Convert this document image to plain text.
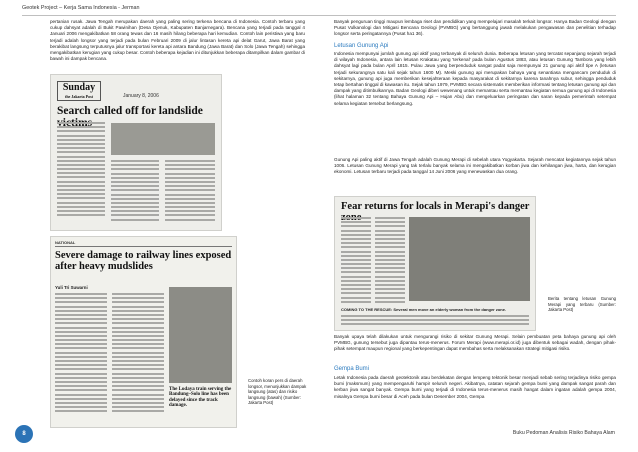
Geotek Project – Kerja Sama Indonesia - Jerman

pertanian rusak. Jawa Tengah merupakan daerah yang paling sering terkena bencana di Indonesia. Contoh terbaru yang cukup dahsyat adalah di Bukit Pawinihan (Desa Ojenuk, Kabupaten Banjarnegara). Bencana yang terjadi pada tanggal 4 Januari 2006 mengakibatkan 58 orang tewas dan 16 masih hilang beberapa hari kemudian. Contoh lain peristiwa yang baru terjadi adalah longsor yang terjadi pada bulan Februari 2009 di jalur lintasan kereta api delat Garut, Jawa Barat yang berakibat langsung terputusnya jalur transportasi kereta api antara Bandung (Jawa Barat) dan Solo (Jawa Tengah) sehingga mengakibatkan kerugian yang cukup besar. Contoh beberapa kejadian ini ditunjukkan beberapa ditampilkan dalam gambar di bawah ini dampak bencana.

Sunday
the Jakarta Post	January 8, 2006
Search called off for landslide
NATIONAL
Severe damage to railway lines exposed after heavy mudslides
Yuli Tri Suwarni
The Lodaya train serving the Bandung–Solo line has been delayed since the track damage.
Contoh koran pers di daerah longsor, menunjukkan dampak langsung (atas) dan risiko langsung (bawah) (Sumber: Jakarta Post)

Banyak penguruan tinggi maupun lembaga riset dan pendidikan yang mempelajari masalah terkait longsor. Hanya Badan Geologi dengan Pusat Vulkanologi dan Mitigasi Bencana Geologi (PVMBG) yang bertanggung jawab melakukan pengawasan dan penelitian terhadap longsor serta peringatannya (Pusat ha1 36).

Letusan Gunung Api

Indonesia mempunyai jumlah gunung api aktif yang terbanyak di seluruh dunia. Beberapa letusan yang tercatat sepanjang sejarah terjadi di wilayah Indonesia, antara lain letusan Krakatau yang 'terkenal' pada bulan Agustus 1883, atau letusan Gunung Tambora yang lebih dahsyat lagi pada bulan April 1815. Pulau Jawa yang berpenduduk sangat padat saja mempunyai 21 gunung api aktif tipe A (letusan terjadi sekurangnya satu kali sejak tahun 1600 M). Meski gunung api merupakan bahaya yang senantiasa mengancam penduduk di sekitarnya, gunung api juga memberikan kesejahteraan kepada masyarakat di sekitarnya karena tanahnya subur, sehingga penduduk tetap bertahan tinggal di kawasan itu. Sejak tahun 1979, PVMBG secara sistematis memberikan informasi tentang letusan gunung api dan dampak yang ditimbulkannya. Badan Geologi diberi wewenang untuk memantau serta memantau kegiatan semua gunung api di Indonesia (lihat halaman 32 tentang Bahaya Gunung Api – Hujan Abu) dan mengeluarkan peringatan dan saran kepada pemerintah setempat selama kegiatan tersebut berlangsung.

Gunung Api paling aktif di Jawa Tengah adalah Gunung Merapi di sebelah utara Yogyakarta. Sejarah mencatat kegiatannya sejak tahun 1006. Letusan Gunung Merapi yang tak terlalu banyak selama ini mengakibatkan korban jiwa dan kehilangan jiwa, harta, dan kerugian ekonomi. Letusan terbaru terjadi pada tanggal 14 Juni 2006 yang menewaskan dua orang.

Fear returns for locals in Merapi's danger
COMING TO THE RESCUE: Several men move an elderly woman from the danger zone.
Berita tentang letusan Gunung Merapi yang terbaru (Sumber: Jakarta Post)

Banyak upaya telah dilakukan untuk mengurangi risiko di sekitar Gunung Merapi. Selain pembuatan peta bahaya gunung api oleh PVMBG, gunung tersebut juga dipantau terus-menerus. Forum Merapi (www.merapi.or.id) juga dibentuk sebagai wadah, dengan pihak-pihak setempat maupun regional yang berkepentingan dapat membahas serta melaksanakan strategi mitigasi risiko.

Gempa Bumi

Letak Indonesia pada daerah geotektonik atau berdekatan dengan lempeng tektonik besar menjadi sebab sering terjadinya risiko gempa bumi (maksmum) yang mempengaruhi hampir seluruh negeri. Akibatnya, catatan sejarah gempa bumi yang dampak sangat parah dan kerban jiwa sangat banyak. Gempa bumi yang terjadi di Indonesia terus-menerus masih hangat dalam ingatan adalah gempa 2004, misalnya Gempa bumi besar di Aceh pada bulan Desember 2004, Gempa

8	Buku Pedoman Analisis Risiko Bahaya Alam
